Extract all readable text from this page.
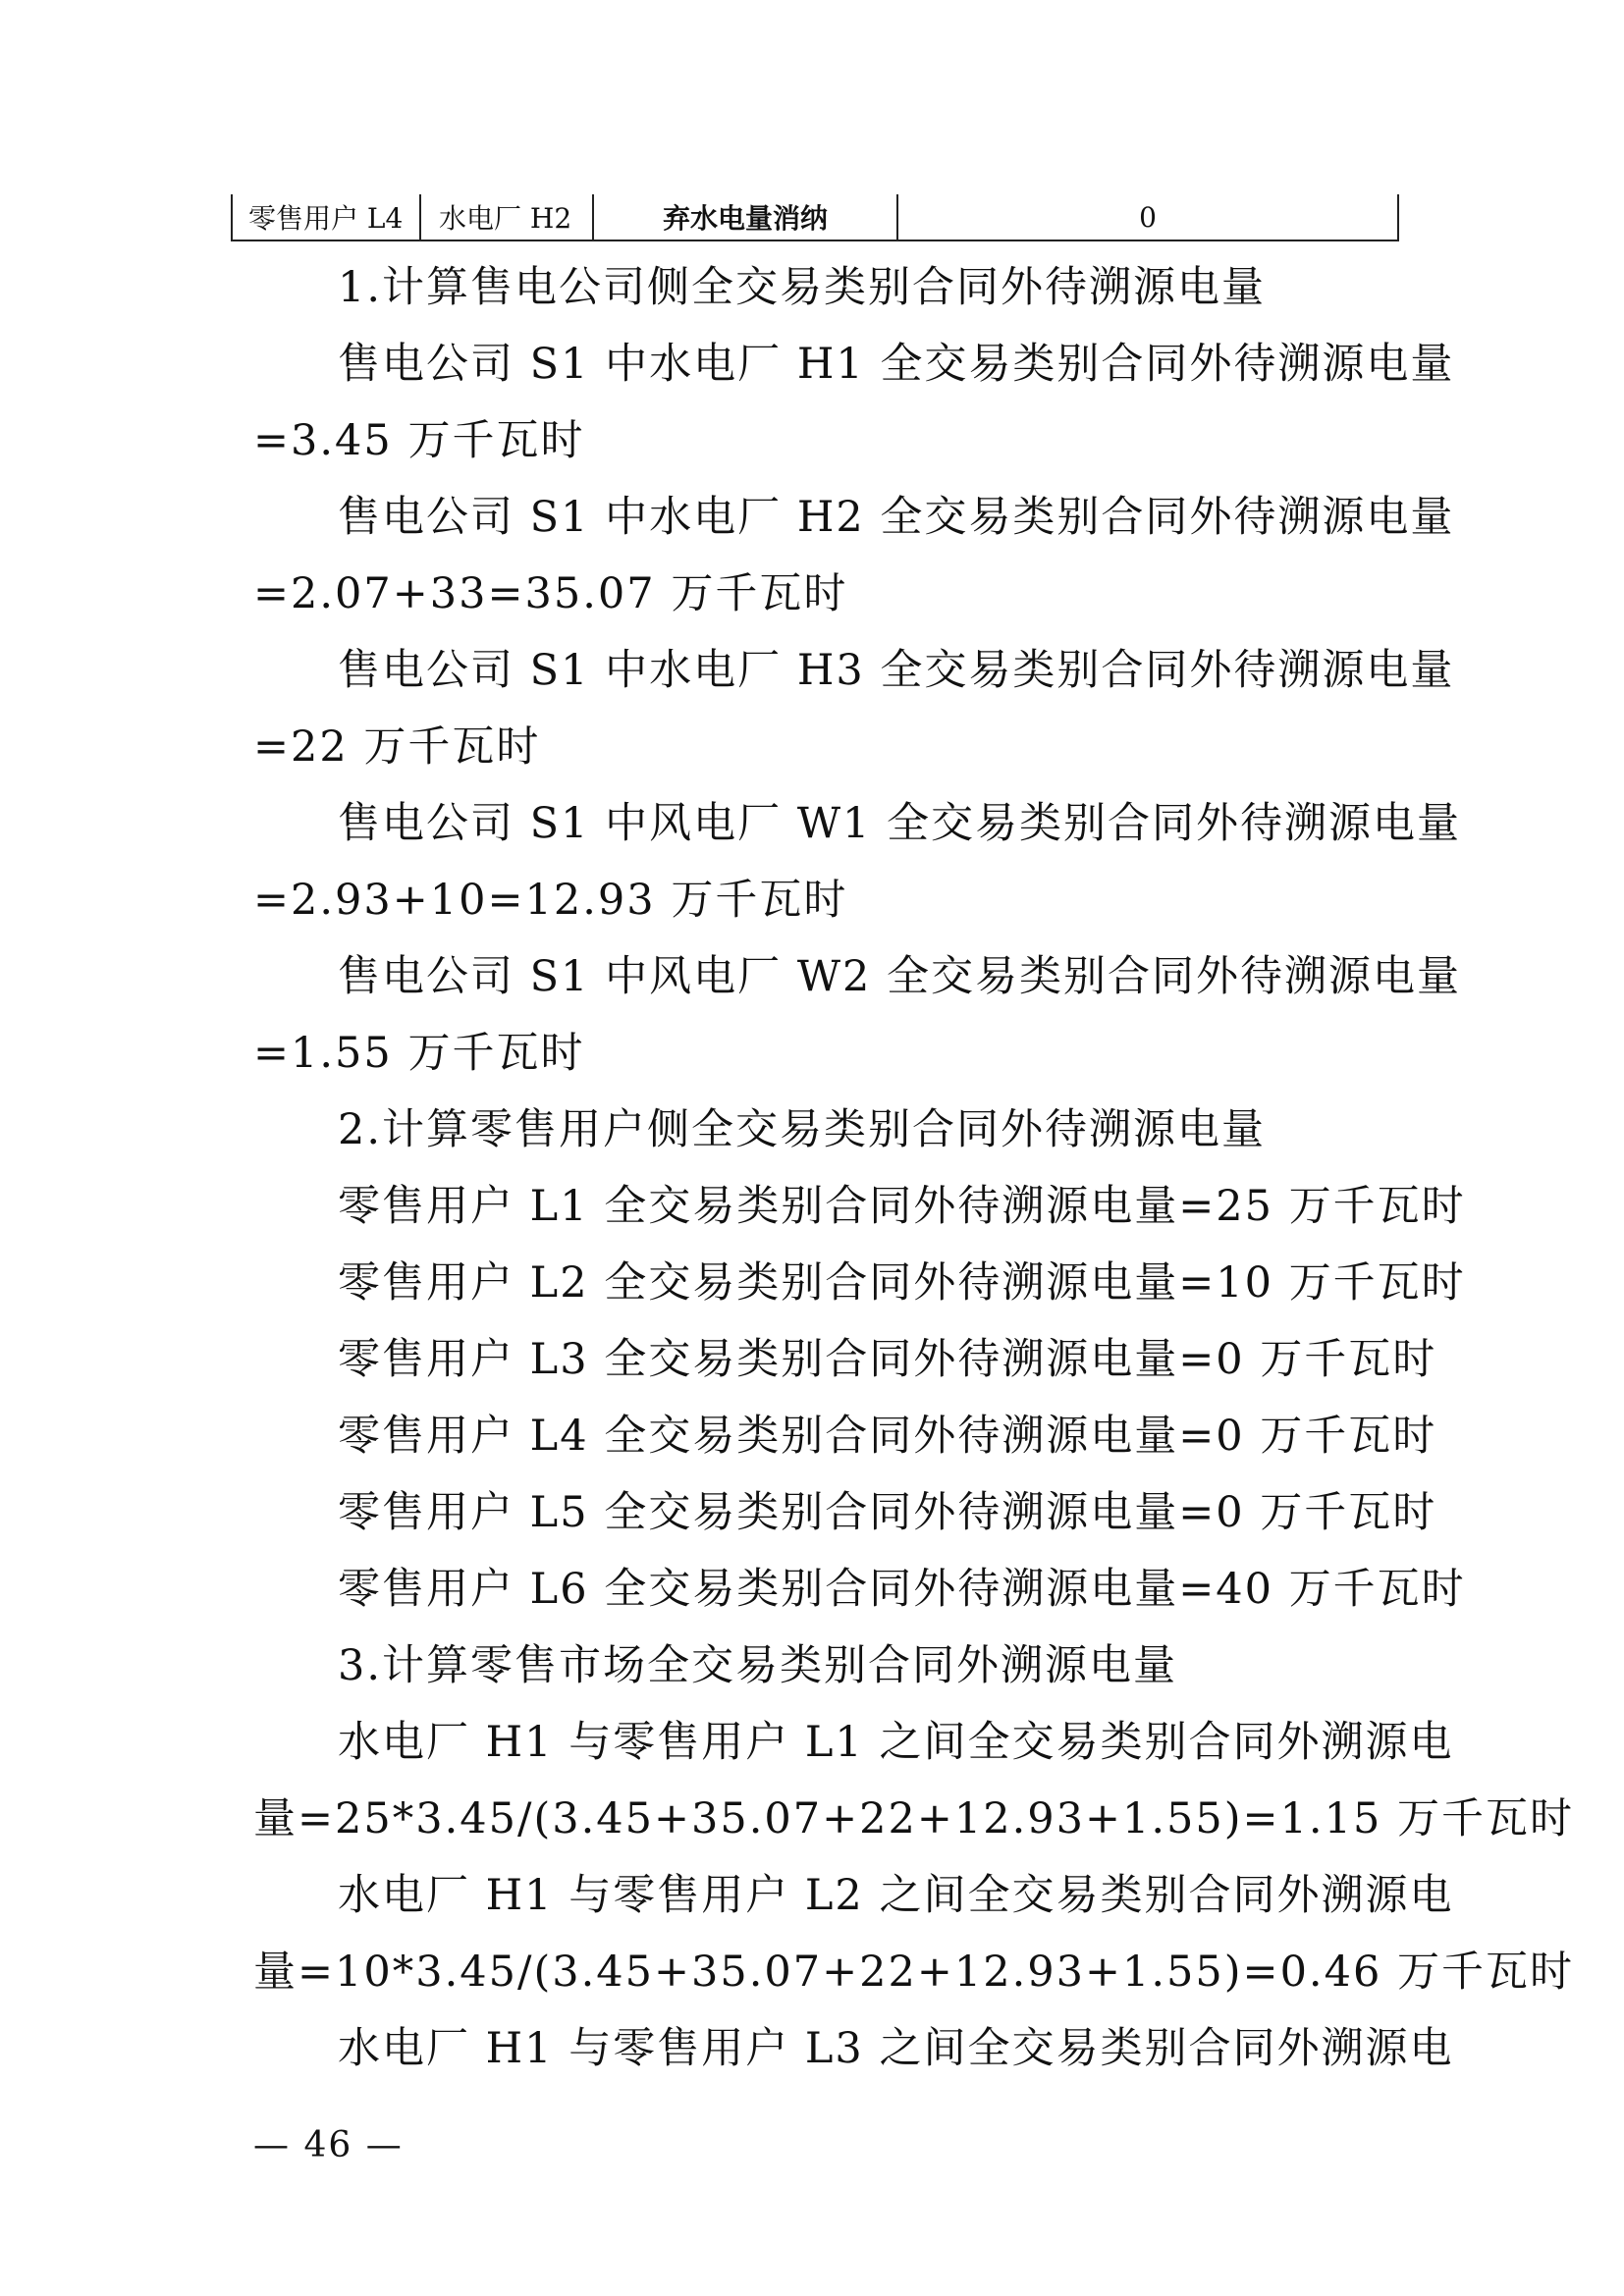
零售用户 L4	水电厂 H2	弃水电量消纳	0
1.计算售电公司侧全交易类别合同外待溯源电量
售电公司 S1 中水电厂 H1 全交易类别合同外待溯源电量
=3.45 万千瓦时
售电公司 S1 中水电厂 H2 全交易类别合同外待溯源电量
=2.07+33=35.07 万千瓦时
售电公司 S1 中水电厂 H3 全交易类别合同外待溯源电量
=22 万千瓦时
售电公司 S1 中风电厂 W1 全交易类别合同外待溯源电量
=2.93+10=12.93 万千瓦时
售电公司 S1 中风电厂 W2 全交易类别合同外待溯源电量
=1.55 万千瓦时
2.计算零售用户侧全交易类别合同外待溯源电量
零售用户 L1 全交易类别合同外待溯源电量=25 万千瓦时
零售用户 L2 全交易类别合同外待溯源电量=10 万千瓦时
零售用户 L3 全交易类别合同外待溯源电量=0 万千瓦时
零售用户 L4 全交易类别合同外待溯源电量=0 万千瓦时
零售用户 L5 全交易类别合同外待溯源电量=0 万千瓦时
零售用户 L6 全交易类别合同外待溯源电量=40 万千瓦时
3.计算零售市场全交易类别合同外溯源电量
水电厂 H1 与零售用户 L1 之间全交易类别合同外溯源电
量=25*3.45/(3.45+35.07+22+12.93+1.55)=1.15 万千瓦时
水电厂 H1 与零售用户 L2 之间全交易类别合同外溯源电
量=10*3.45/(3.45+35.07+22+12.93+1.55)=0.46 万千瓦时
水电厂 H1 与零售用户 L3 之间全交易类别合同外溯源电
— 46 —
